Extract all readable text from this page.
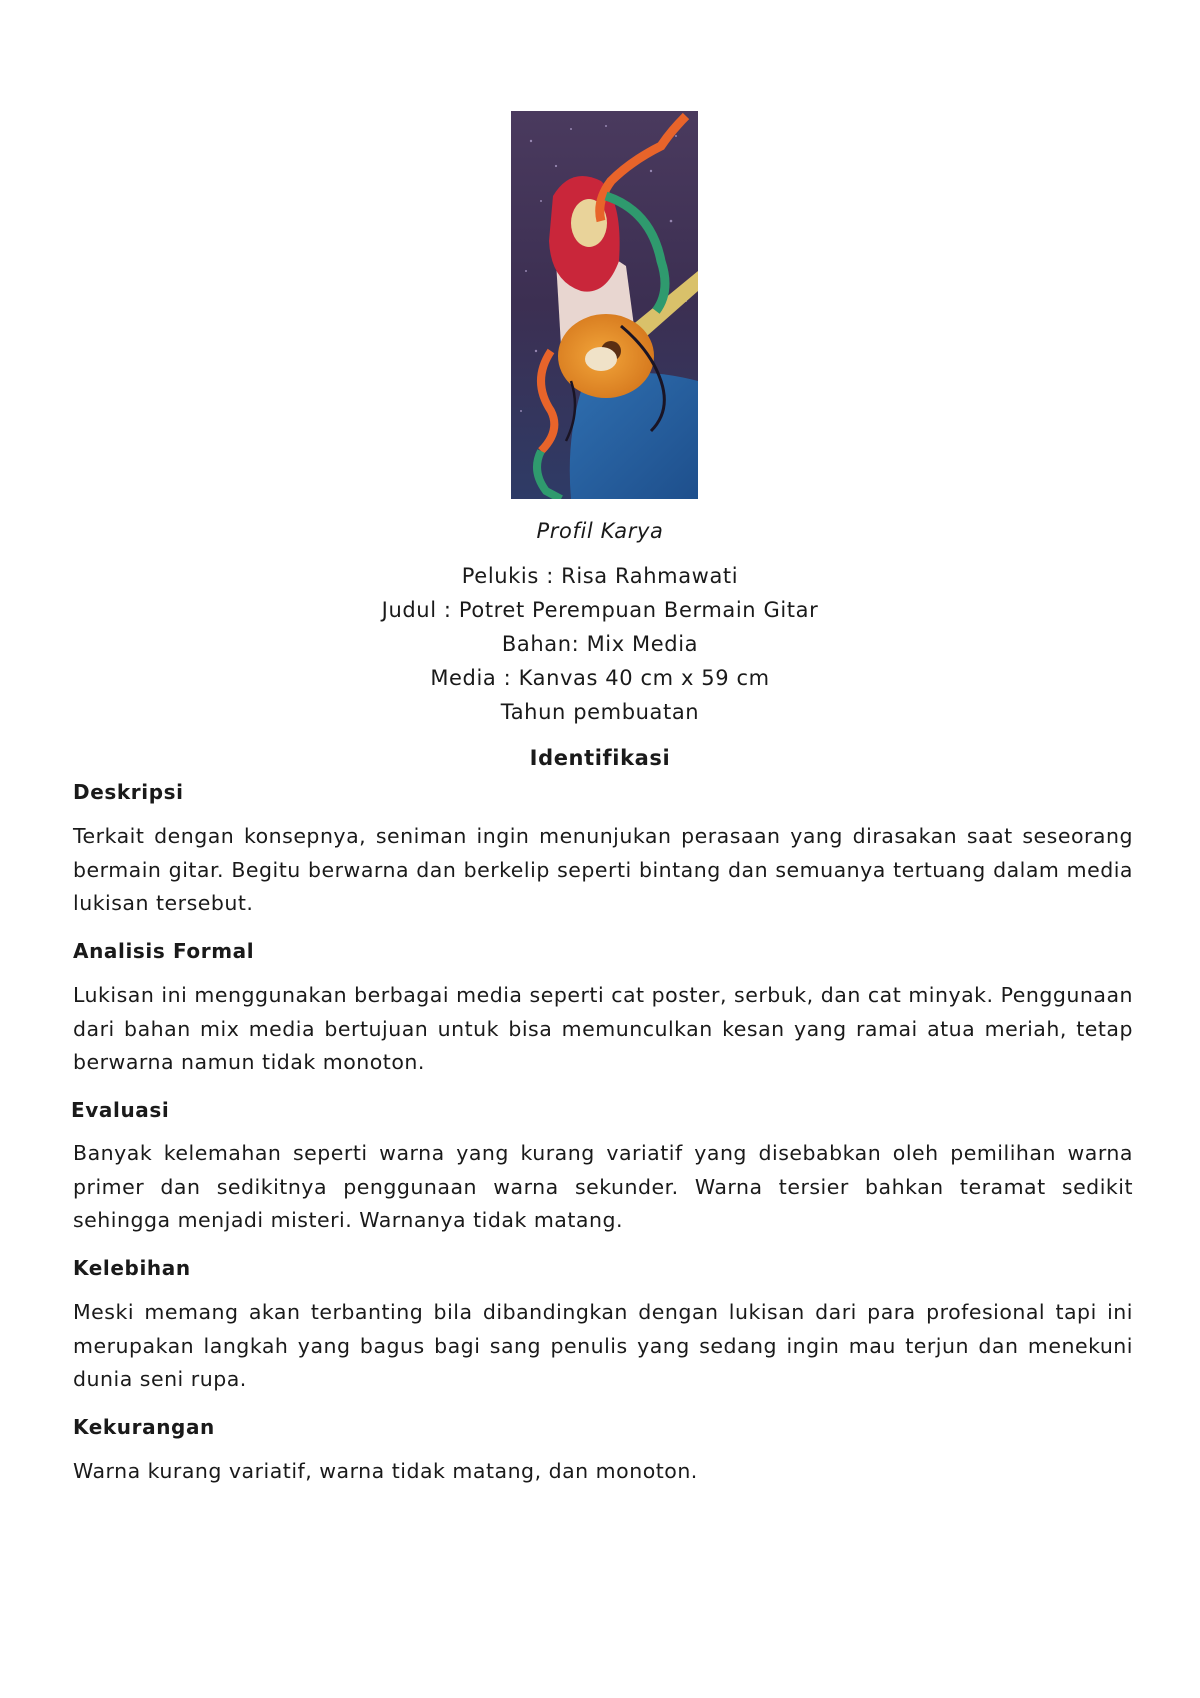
Profil Karya
Pelukis : Risa Rahmawati
Judul : Potret Perempuan Bermain Gitar
Bahan: Mix Media
Media : Kanvas 40 cm x 59 cm
Tahun pembuatan
Identifikasi
Deskripsi

Terkait dengan konsepnya, seniman ingin menunjukan perasaan yang dirasakan saat seseorang bermain gitar. Begitu berwarna dan berkelip seperti bintang dan semuanya tertuang dalam media lukisan tersebut.

Analisis Formal

Lukisan ini menggunakan berbagai media seperti cat poster, serbuk, dan cat minyak. Penggunaan dari bahan mix media bertujuan untuk bisa memunculkan kesan yang ramai atua meriah, tetap berwarna namun tidak monoton.

Evaluasi

Banyak kelemahan seperti warna yang kurang variatif yang disebabkan oleh pemilihan warna primer dan sedikitnya penggunaan warna sekunder. Warna tersier bahkan teramat sedikit sehingga menjadi misteri. Warnanya tidak matang.

Kelebihan

Meski memang akan terbanting bila dibandingkan dengan lukisan dari para profesional tapi ini merupakan langkah yang bagus bagi sang penulis yang sedang ingin mau terjun dan menekuni dunia seni rupa.

Kekurangan

Warna kurang variatif, warna tidak matang, dan monoton.
